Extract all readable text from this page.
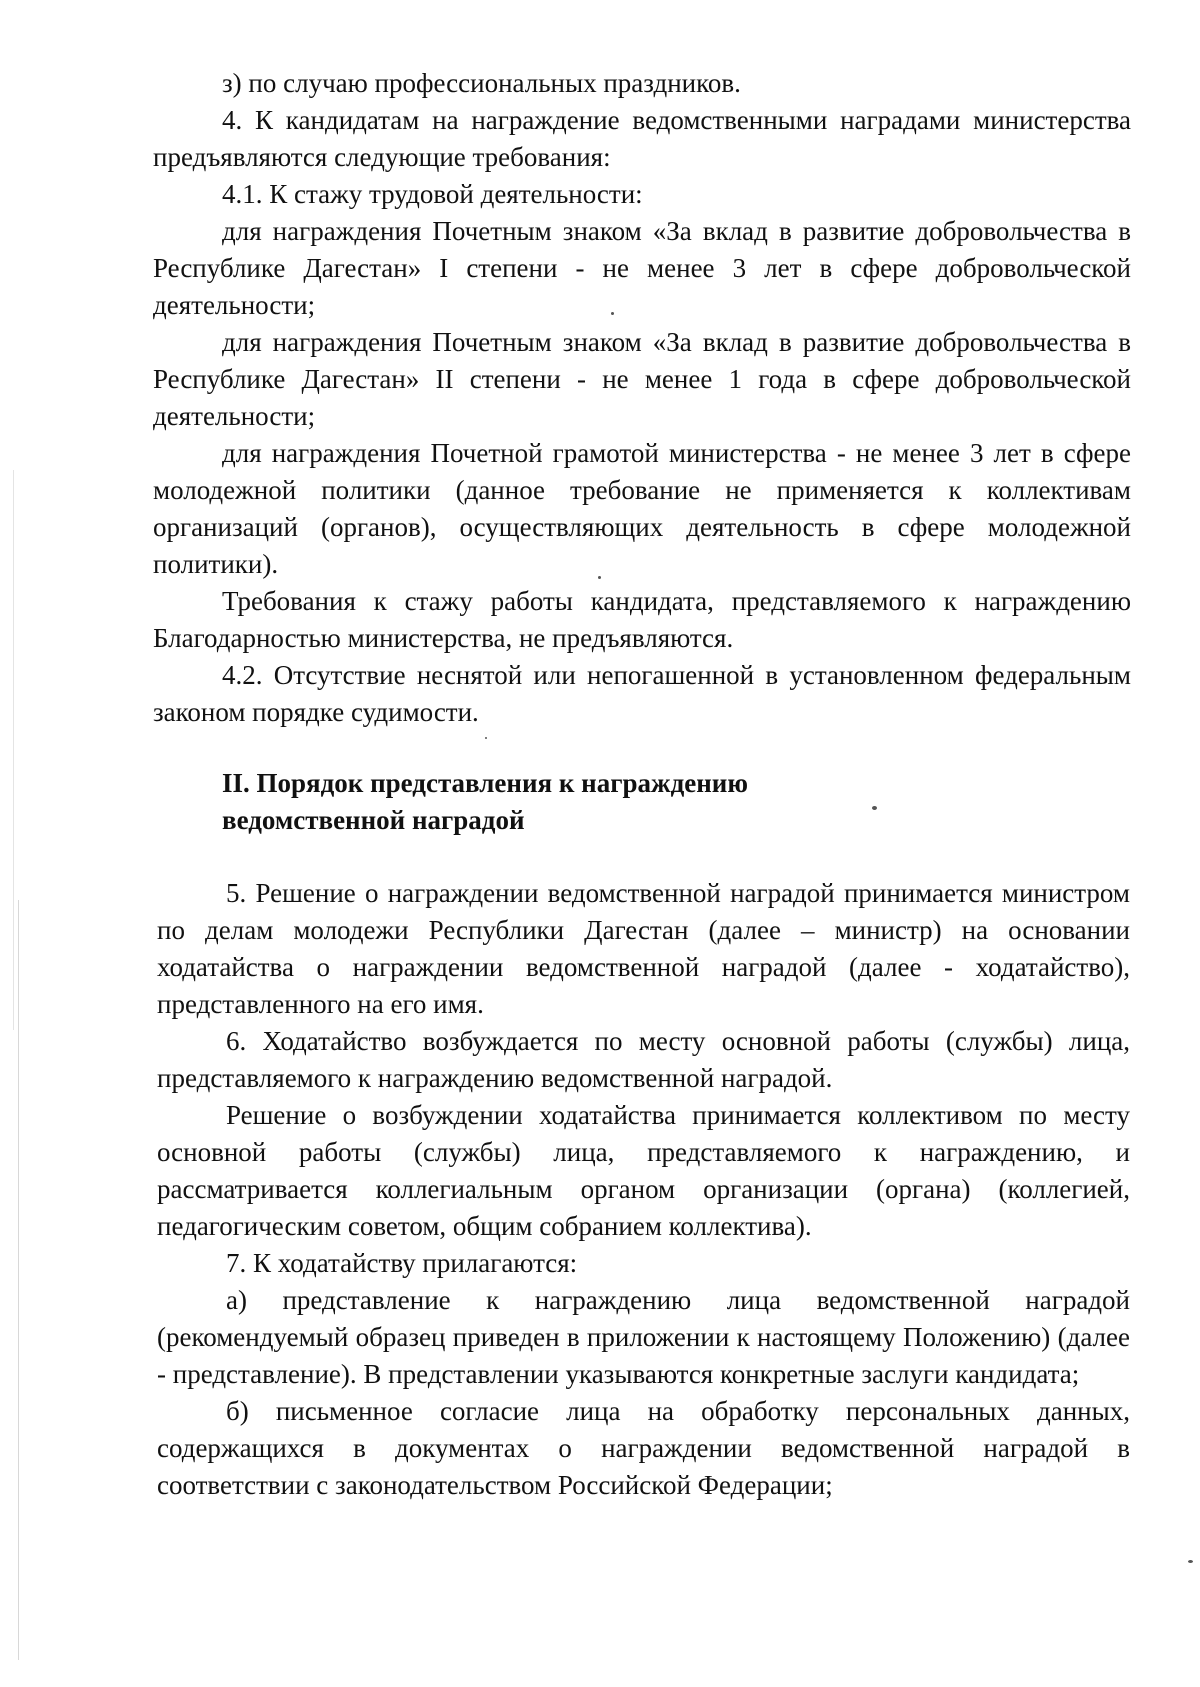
з) по случаю профессиональных праздников.

4. К кандидатам на награждение ведомственными наградами министерства предъявляются следующие требования:

4.1. К стажу трудовой деятельности:

для награждения Почетным знаком «За вклад в развитие добровольчества в Республике Дагестан» I степени - не менее 3 лет в сфере добровольческой деятельности;

для награждения Почетным знаком «За вклад в развитие добровольчества в Республике Дагестан» II степени - не менее 1 года в сфере добровольческой деятельности;

для награждения Почетной грамотой министерства - не менее 3 лет в сфере молодежной политики (данное требование не применяется к коллективам организаций (органов), осуществляющих деятельность в сфере молодежной политики).

Требования к стажу работы кандидата, представляемого к награждению Благодарностью министерства, не предъявляются.

4.2. Отсутствие неснятой или непогашенной в установленном федеральным законом порядке судимости.

II. Порядок представления к награждению

ведомственной наградой

5. Решение о награждении ведомственной наградой принимается министром по делам молодежи Республики Дагестан (далее – министр) на основании ходатайства о награждении ведомственной наградой (далее - ходатайство), представленного на его имя.

6. Ходатайство возбуждается по месту основной работы (службы) лица, представляемого к награждению ведомственной наградой.

Решение о возбуждении ходатайства принимается коллективом по месту основной работы (службы) лица, представляемого к награждению, и рассматривается коллегиальным органом организации (органа) (коллегией, педагогическим советом, общим собранием коллектива).

7. К ходатайству прилагаются:

а) представление к награждению лица ведомственной наградой (рекомендуемый образец приведен в приложении к настоящему Положению) (далее - представление). В представлении указываются конкретные заслуги кандидата;

б) письменное согласие лица на обработку персональных данных, содержащихся в документах о награждении ведомственной наградой в соответствии с законодательством Российской Федерации;
